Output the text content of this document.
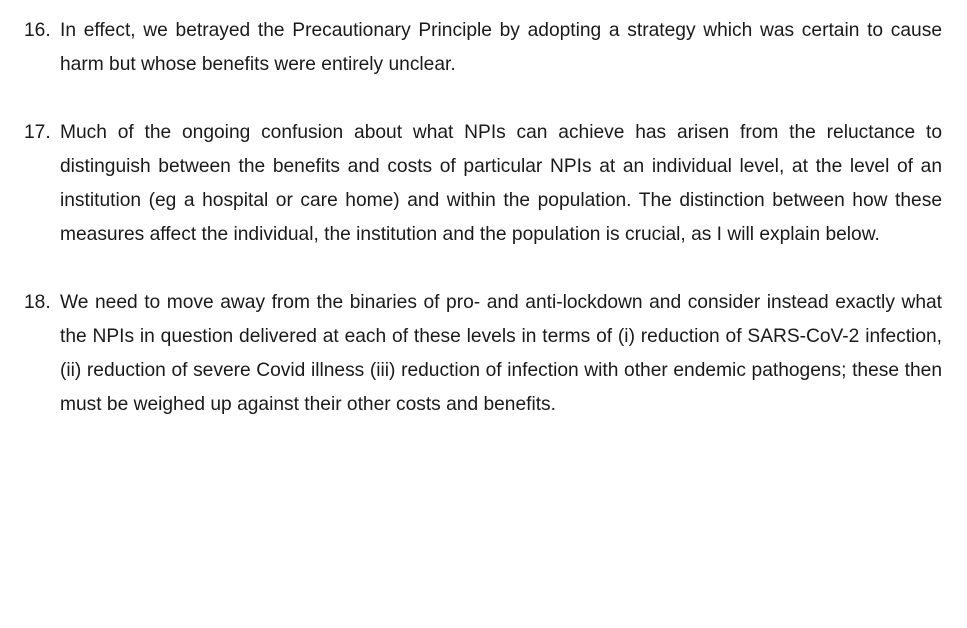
16. In effect, we betrayed the Precautionary Principle by adopting a strategy which was certain to cause harm but whose benefits were entirely unclear.
17. Much of the ongoing confusion about what NPIs can achieve has arisen from the reluctance to distinguish between the benefits and costs of particular NPIs at an individual level, at the level of an institution (eg a hospital or care home) and within the population. The distinction between how these measures affect the individual, the institution and the population is crucial, as I will explain below.
18. We need to move away from the binaries of pro- and anti-lockdown and consider instead exactly what the NPIs in question delivered at each of these levels in terms of (i) reduction of SARS-CoV-2 infection, (ii) reduction of severe Covid illness (iii) reduction of infection with other endemic pathogens; these then must be weighed up against their other costs and benefits.
